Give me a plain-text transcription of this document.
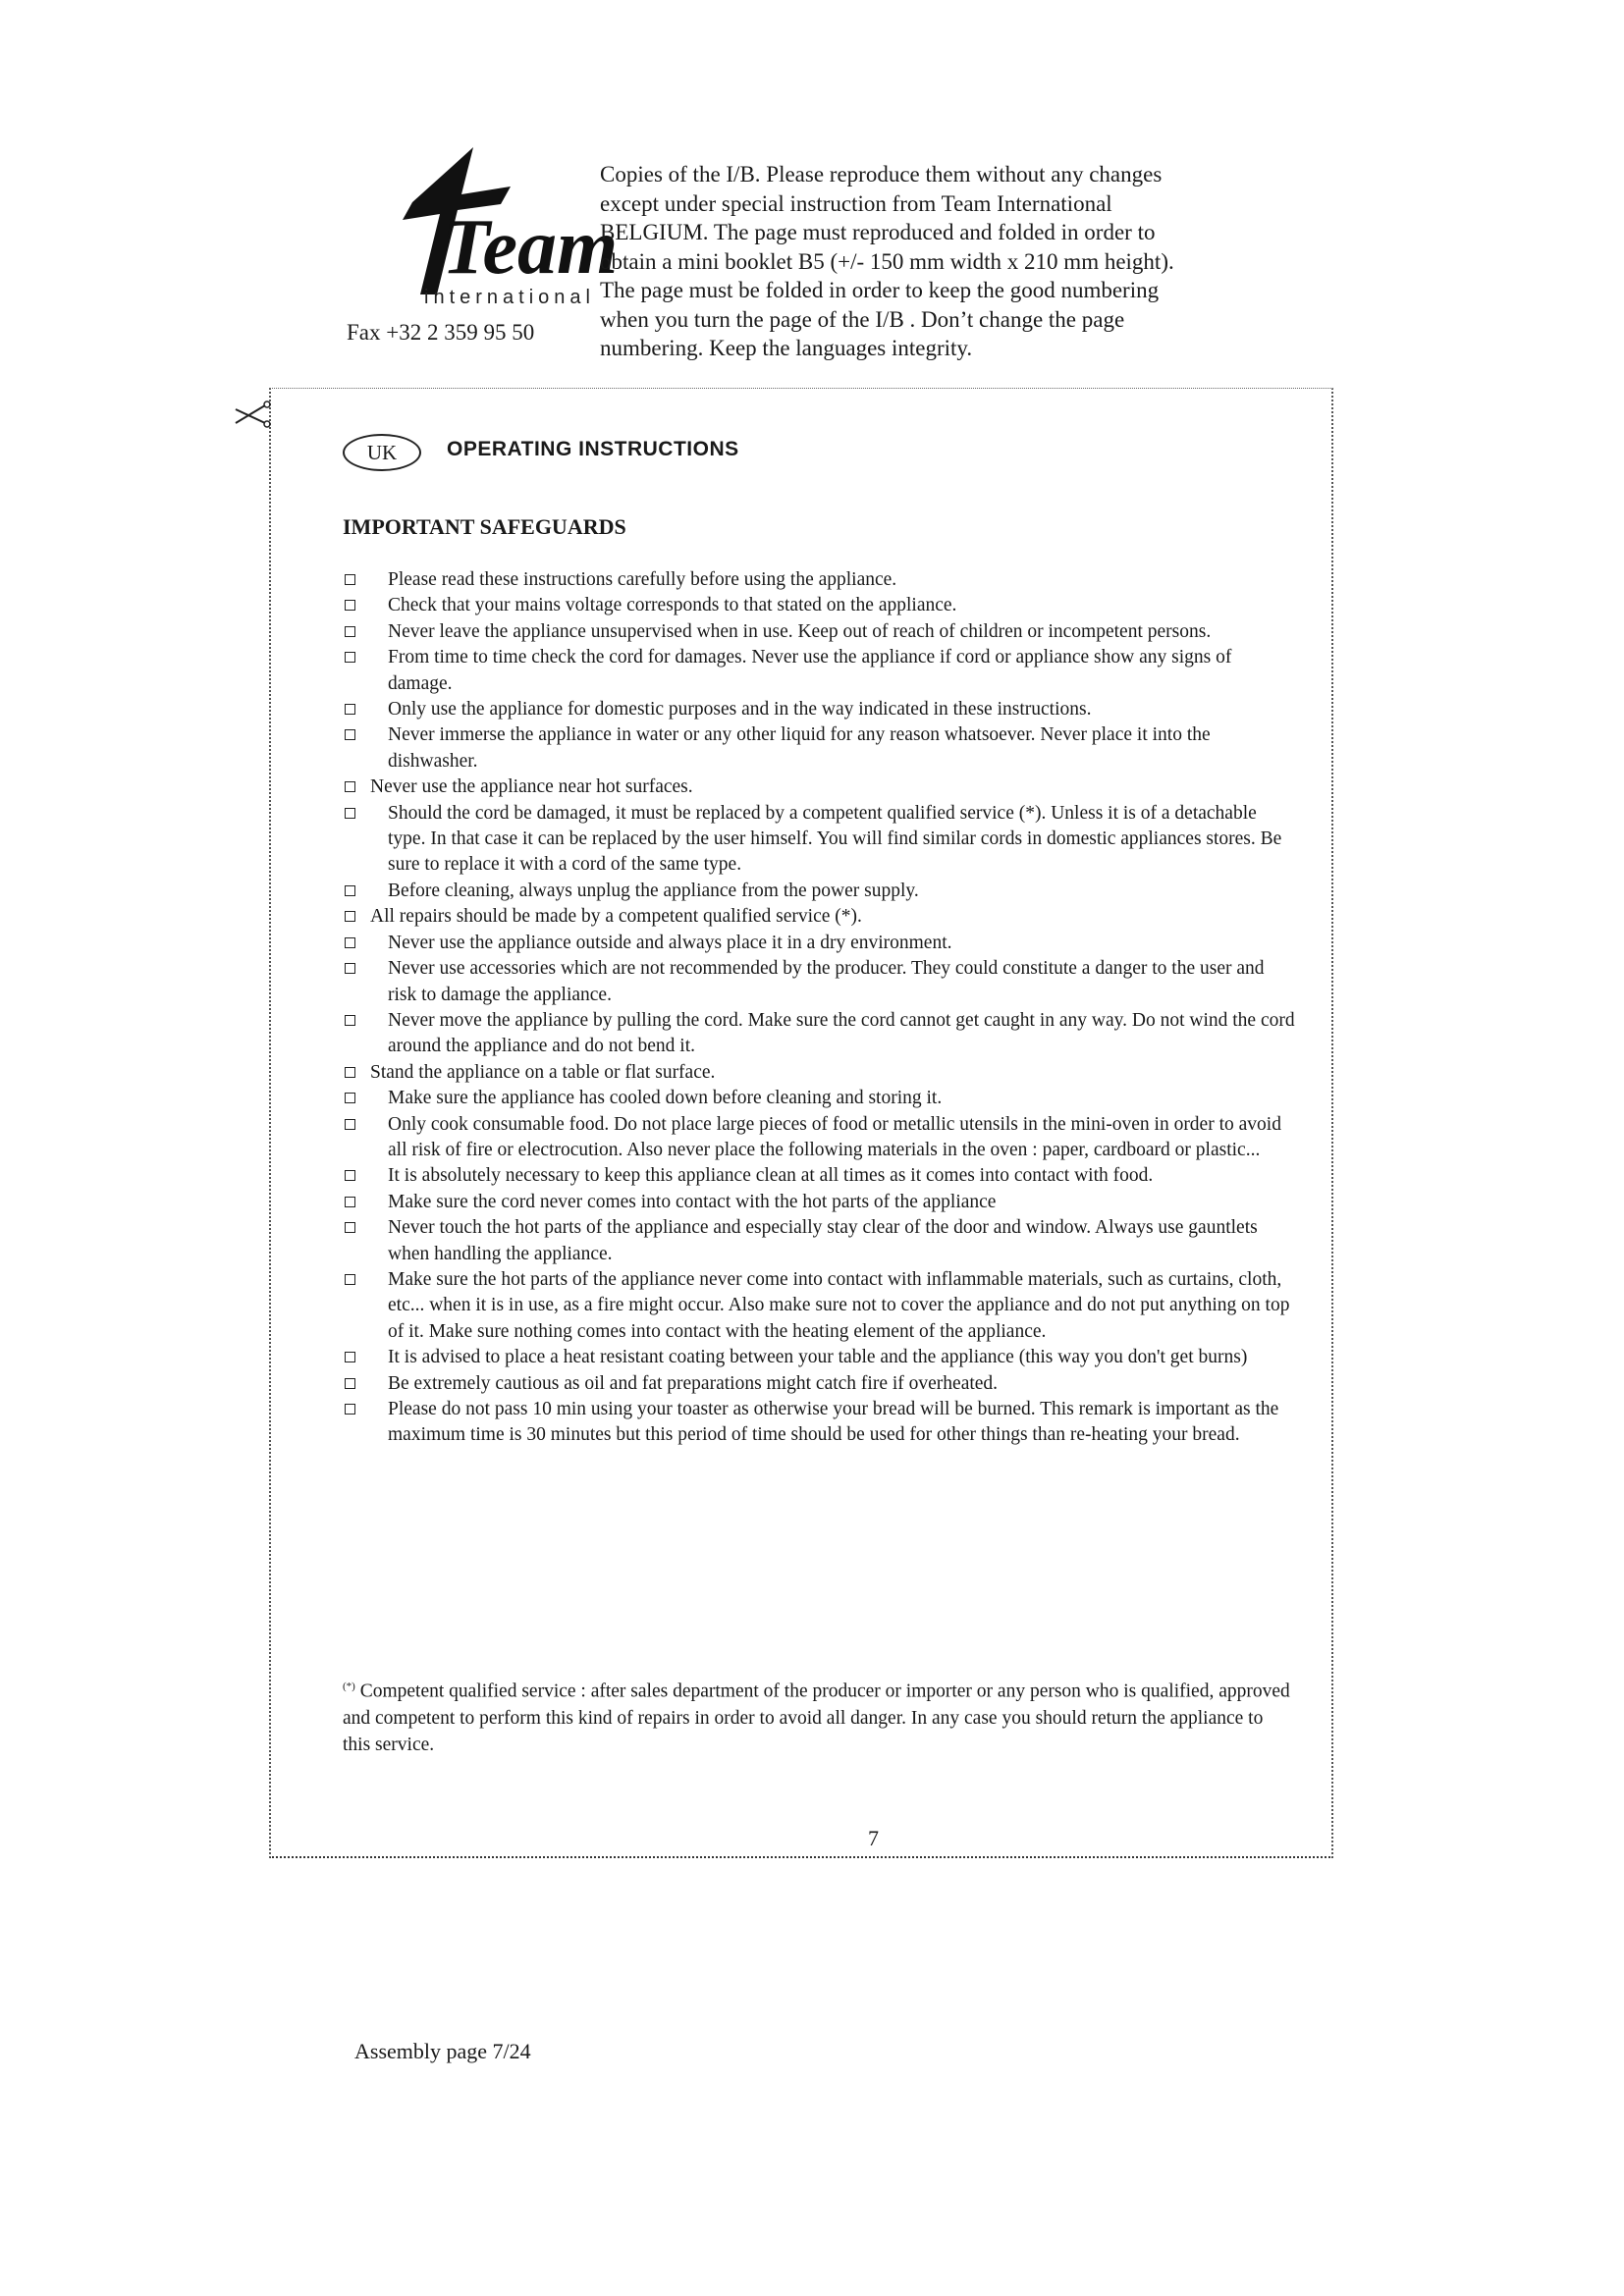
Team
international
Fax +32 2 359 95 50

Copies of the I/B. Please reproduce them without any changes

except under special instruction from Team International

BELGIUM. The page must reproduced and folded in order to

obtain a mini booklet B5 (+/- 150 mm width x 210 mm height).

The page must be folded in order to keep the good numbering

when you turn the page of the I/B . Don’t change the page

numbering. Keep the languages integrity.

UK	OPERATING INSTRUCTIONS
IMPORTANT SAFEGUARDS
Please read these instructions carefully before using the appliance.
Check that your mains voltage corresponds to that stated on the appliance.
Never leave the appliance unsupervised when in use. Keep out of reach of children or incompetent persons.
From time to time check the cord for damages. Never use the appliance if cord or appliance show any signs of damage.
Only use the appliance for domestic purposes and in the way indicated in these instructions.
Never immerse the appliance in water or any other liquid for any reason whatsoever. Never place it into the dishwasher.
Never use the appliance near hot surfaces.
Should the cord be damaged, it must be replaced by a competent qualified service (*). Unless it is of a detachable type. In that case it can be replaced by the user himself. You will find similar cords in domestic appliances stores. Be sure to replace it with a cord of the same type.
Before cleaning, always unplug the appliance from the power supply.
All repairs should be made by a competent qualified service (*).
Never use the appliance outside and always place it in a dry environment.
Never use accessories which are not recommended by the producer. They could constitute a danger to the user and risk to damage the appliance.
Never move the appliance by pulling the cord. Make sure the cord cannot get caught in any way. Do not wind the cord around the appliance and do not bend it.
Stand the appliance on a table or flat surface.
Make sure the appliance has cooled down before cleaning and storing it.
Only cook consumable food. Do not place large pieces of food or metallic utensils in the mini-oven in order to avoid all risk of fire or electrocution. Also never place the following materials in the oven : paper, cardboard or plastic...
It is absolutely necessary to keep this appliance clean at all times as it comes into contact with food.
Make sure the cord never comes into contact with the hot parts of the appliance
Never touch the hot parts of the appliance and especially stay clear of the door and window. Always use gauntlets when handling the appliance.
Make sure the hot parts of the appliance never come into contact with inflammable materials, such as curtains, cloth, etc... when it is in use, as a fire might occur. Also make sure not to cover the appliance and do not put anything on top of it. Make sure nothing comes into contact with the heating element of the appliance.
It is advised to place a heat resistant coating between your table and the appliance (this way you don't get burns)
Be extremely cautious as oil and fat preparations might catch fire if overheated.
Please do not pass 10 min using your toaster as otherwise your bread will be burned. This remark is important as the maximum time is 30 minutes but this period of time should be used for other things than re-heating your bread.
(*) Competent qualified service : after sales department of the producer or importer or any person who is qualified, approved and competent to perform this kind of repairs in order to avoid all danger. In any case you should return the appliance to this service.
7
Assembly page 7/24
